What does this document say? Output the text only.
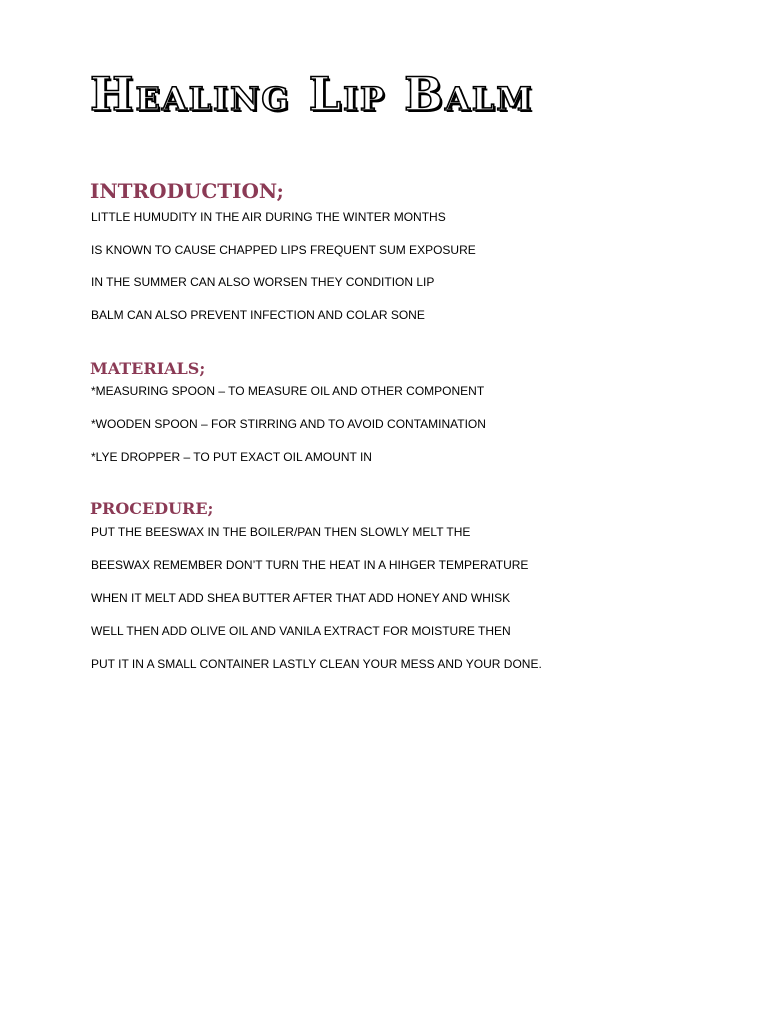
Healing Lip Balm
INTRODUCTION;

LITTLE HUMUDITY IN THE AIR DURING THE WINTER MONTHS

IS KNOWN TO CAUSE CHAPPED LIPS FREQUENT SUM EXPOSURE

IN THE SUMMER CAN ALSO WORSEN THEY CONDITION LIP

BALM CAN ALSO PREVENT INFECTION AND COLAR SONE

MATERIALS;

*MEASURING SPOON – TO MEASURE OIL AND OTHER COMPONENT

*WOODEN SPOON – FOR STIRRING AND TO AVOID CONTAMINATION

*LYE DROPPER – TO PUT EXACT OIL AMOUNT IN

PROCEDURE;

PUT THE BEESWAX IN THE BOILER/PAN THEN SLOWLY MELT THE

BEESWAX REMEMBER DON’T TURN THE HEAT IN A HIHGER TEMPERATURE

WHEN IT MELT ADD SHEA BUTTER AFTER THAT ADD HONEY AND WHISK

WELL THEN ADD OLIVE OIL AND VANILA EXTRACT FOR MOISTURE THEN

PUT IT IN A SMALL CONTAINER LASTLY CLEAN YOUR MESS AND YOUR DONE.
